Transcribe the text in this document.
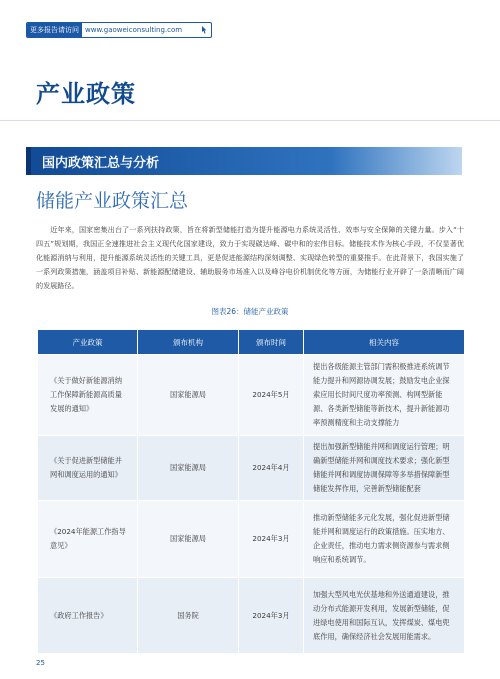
更多报告请访问 www.gaoweiconsulting.com
产业政策
国内政策汇总与分析
储能产业政策汇总

近年来，国家密集出台了一系列扶持政策，旨在将新型储能打造为提升能源电力系统灵活性、效率与安全保障的关键力量。步入“十四五”规划期，我国正全速推进社会主义现代化国家建设，致力于实现碳达峰、碳中和的宏伟目标。储能技术作为核心手段，不仅显著优化能源消纳与利用，提升能源系统灵活性的关键工具，更是促进能源结构深刻调整、实现绿色转型的重要推手。在此背景下，我国实施了一系列政策措施，涵盖项目补贴、新能源配储建设、辅助服务市场准入以及峰谷电价机制优化等方面，为储能行业开辟了一条清晰而广阔的发展路径。

图表26：储能产业政策
产业政策	颁布机构	颁布时间	相关内容
《关于做好新能源消纳工作保障新能源高质量发展的通知》	国家能源局	2024年5月	提出各级能源主管部门需积极推进系统调节能力提升和网源协调发展；鼓励发电企业探索应用长时间尺度功率预测、构网型新能源、各类新型储能等新技术，提升新能源功率预测精度和主动支撑能力
《关于促进新型储能并网和调度运用的通知》	国家能源局	2024年4月	提出加强新型储能并网和调度运行管理；明确新型储能并网和调度技术要求；强化新型储能并网和调度协调保障等多举措保障新型储能发挥作用，完善新型储能配套
《2024年能源工作指导意见》	国家能源局	2024年3月	推动新型储能多元化发展，强化促进新型储能并网和调度运行的政策措施。压实地方、企业责任，推动电力需求侧资源参与需求侧响应和系统调节。
《政府工作报告》	国务院	2024年3月	加强大型风电光伏基地和外送通道建设，推动分布式能源开发利用，发展新型储能，促进绿电使用和国际互认，发挥煤炭、煤电兜底作用，确保经济社会发展用能需求。
25
